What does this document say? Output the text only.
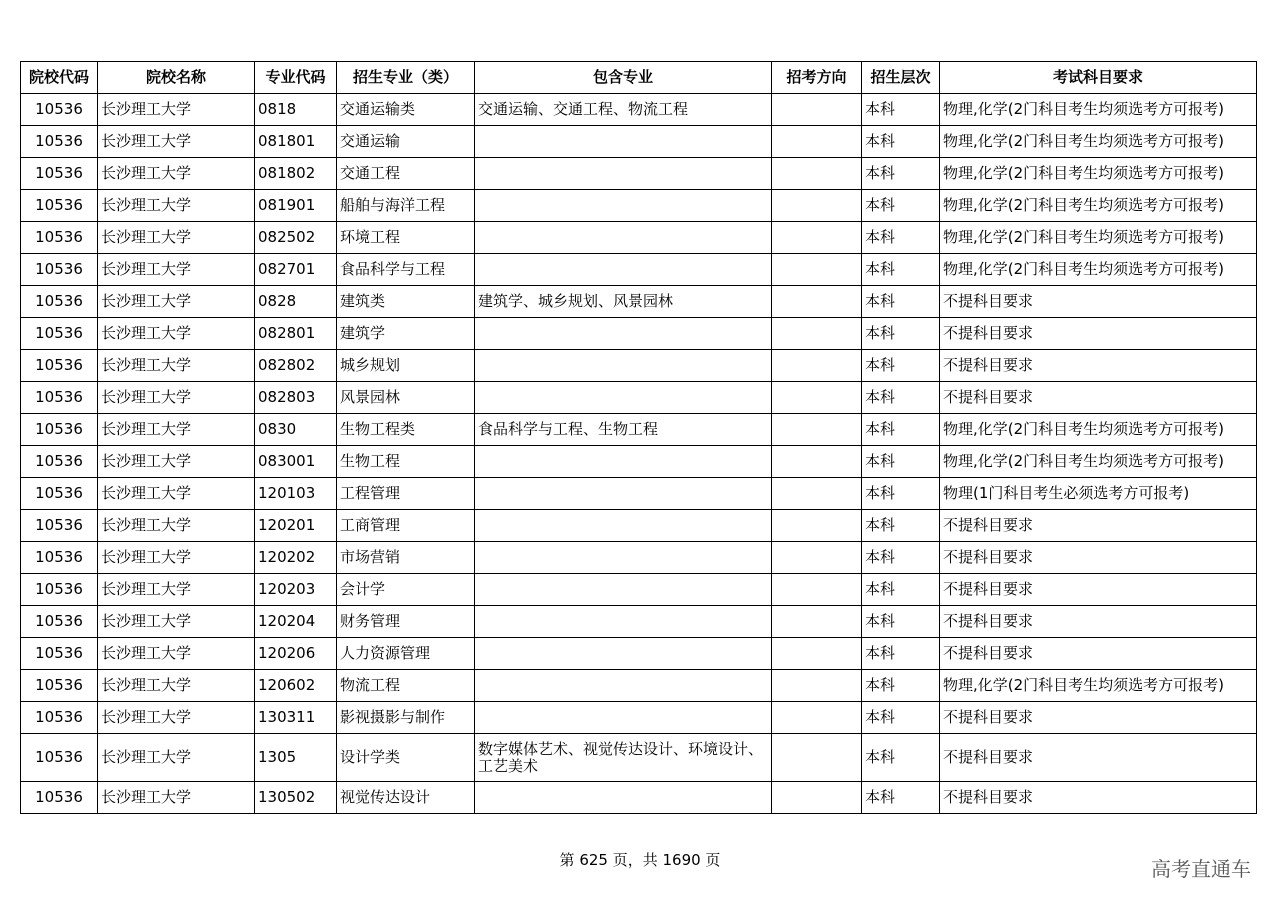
院校代码	院校名称	专业代码	招生专业（类）	包含专业	招考方向	招生层次	考试科目要求
10536	长沙理工大学	0818	交通运输类	交通运输、交通工程、物流工程		本科	物理,化学(2门科目考生均须选考方可报考)
10536	长沙理工大学	081801	交通运输			本科	物理,化学(2门科目考生均须选考方可报考)
10536	长沙理工大学	081802	交通工程			本科	物理,化学(2门科目考生均须选考方可报考)
10536	长沙理工大学	081901	船舶与海洋工程			本科	物理,化学(2门科目考生均须选考方可报考)
10536	长沙理工大学	082502	环境工程			本科	物理,化学(2门科目考生均须选考方可报考)
10536	长沙理工大学	082701	食品科学与工程			本科	物理,化学(2门科目考生均须选考方可报考)
10536	长沙理工大学	0828	建筑类	建筑学、城乡规划、风景园林		本科	不提科目要求
10536	长沙理工大学	082801	建筑学			本科	不提科目要求
10536	长沙理工大学	082802	城乡规划			本科	不提科目要求
10536	长沙理工大学	082803	风景园林			本科	不提科目要求
10536	长沙理工大学	0830	生物工程类	食品科学与工程、生物工程		本科	物理,化学(2门科目考生均须选考方可报考)
10536	长沙理工大学	083001	生物工程			本科	物理,化学(2门科目考生均须选考方可报考)
10536	长沙理工大学	120103	工程管理			本科	物理(1门科目考生必须选考方可报考)
10536	长沙理工大学	120201	工商管理			本科	不提科目要求
10536	长沙理工大学	120202	市场营销			本科	不提科目要求
10536	长沙理工大学	120203	会计学			本科	不提科目要求
10536	长沙理工大学	120204	财务管理			本科	不提科目要求
10536	长沙理工大学	120206	人力资源管理			本科	不提科目要求
10536	长沙理工大学	120602	物流工程			本科	物理,化学(2门科目考生均须选考方可报考)
10536	长沙理工大学	130311	影视摄影与制作			本科	不提科目要求
10536	长沙理工大学	1305	设计学类	数字媒体艺术、视觉传达设计、环境设计、工艺美术		本科	不提科目要求
10536	长沙理工大学	130502	视觉传达设计			本科	不提科目要求
第 625 页，共 1690 页	高考直通车
